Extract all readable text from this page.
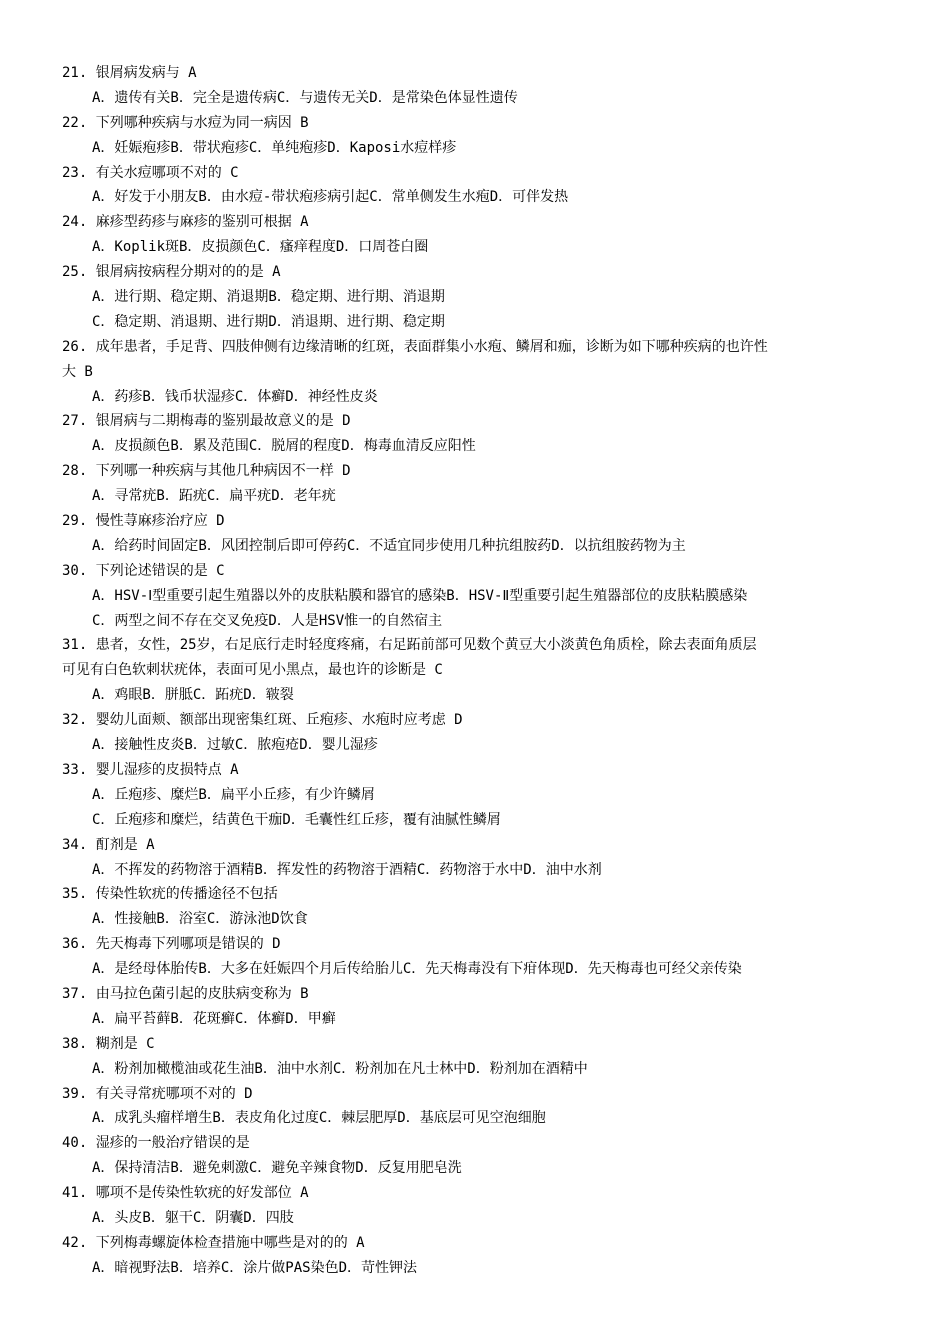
21. 银屑病发病与 A
A．遗传有关B．完全是遗传病C．与遗传无关D．是常染色体显性遗传
22. 下列哪种疾病与水痘为同一病因 B
A．妊娠疱疹B．带状疱疹C．单纯疱疹D．Kaposi水痘样疹
23. 有关水痘哪项不对的 C
A．好发于小朋友B．由水痘-带状疱疹病引起C．常单侧发生水疱D．可伴发热
24. 麻疹型药疹与麻疹的鉴别可根据 A
A．Koplik斑B．皮损颜色C．瘙痒程度D．口周苍白圈
25. 银屑病按病程分期对的的是 A
A．进行期、稳定期、消退期B．稳定期、进行期、消退期
C．稳定期、消退期、进行期D．消退期、进行期、稳定期
26. 成年患者，手足背、四肢伸侧有边缘清晰的红斑，表面群集小水疱、鳞屑和痂，诊断为如下哪种疾病的也许性
大 B
A．药疹B．钱币状湿疹C．体癣D．神经性皮炎
27. 银屑病与二期梅毒的鉴别最故意义的是 D
A．皮损颜色B．累及范围C．脱屑的程度D．梅毒血清反应阳性
28. 下列哪一种疾病与其他几种病因不一样 D
A．寻常疣B．跖疣C．扁平疣D．老年疣
29. 慢性荨麻疹治疗应 D
A．给药时间固定B．风团控制后即可停药C．不适宜同步使用几种抗组胺药D．以抗组胺药物为主
30. 下列论述错误的是 C
A．HSV-Ⅰ型重要引起生殖器以外的皮肤粘膜和器官的感染B．HSV-Ⅱ型重要引起生殖器部位的皮肤粘膜感染
C．两型之间不存在交叉免疫D．人是HSV惟一的自然宿主
31. 患者，女性，25岁，右足底行走时轻度疼痛，右足跖前部可见数个黄豆大小淡黄色角质栓，除去表面角质层
可见有白色软刺状疣体，表面可见小黑点，最也许的诊断是 C
A．鸡眼B．胼胝C．跖疣D．皲裂
32. 婴幼儿面颊、额部出现密集红斑、丘疱疹、水疱时应考虑 D
A．接触性皮炎B．过敏C．脓疱疮D．婴儿湿疹
33. 婴儿湿疹的皮损特点 A
A．丘疱疹、糜烂B．扁平小丘疹，有少许鳞屑
C．丘疱疹和糜烂，结黄色干痂D．毛囊性红丘疹，覆有油腻性鳞屑
34. 酊剂是 A
A．不挥发的药物溶于酒精B．挥发性的药物溶于酒精C．药物溶于水中D．油中水剂
35. 传染性软疣的传播途径不包括
A．性接触B．浴室C．游泳池D饮食
36. 先天梅毒下列哪项是错误的 D
A．是经母体胎传B．大多在妊娠四个月后传给胎儿C．先天梅毒没有下疳体现D．先天梅毒也可经父亲传染
37. 由马拉色菌引起的皮肤病变称为 B
A．扁平苔藓B．花斑癣C．体癣D．甲癣
38. 糊剂是 C
A．粉剂加橄榄油或花生油B．油中水剂C．粉剂加在凡士林中D．粉剂加在酒精中
39. 有关寻常疣哪项不对的 D
A．成乳头瘤样增生B．表皮角化过度C．棘层肥厚D．基底层可见空泡细胞
40. 湿疹的一般治疗错误的是
A．保持清洁B．避免刺激C．避免辛辣食物D．反复用肥皂洗
41. 哪项不是传染性软疣的好发部位 A
A．头皮B．躯干C．阴囊D．四肢
42. 下列梅毒螺旋体检查措施中哪些是对的的 A
A．暗视野法B．培养C．涂片做PAS染色D．苛性钾法
